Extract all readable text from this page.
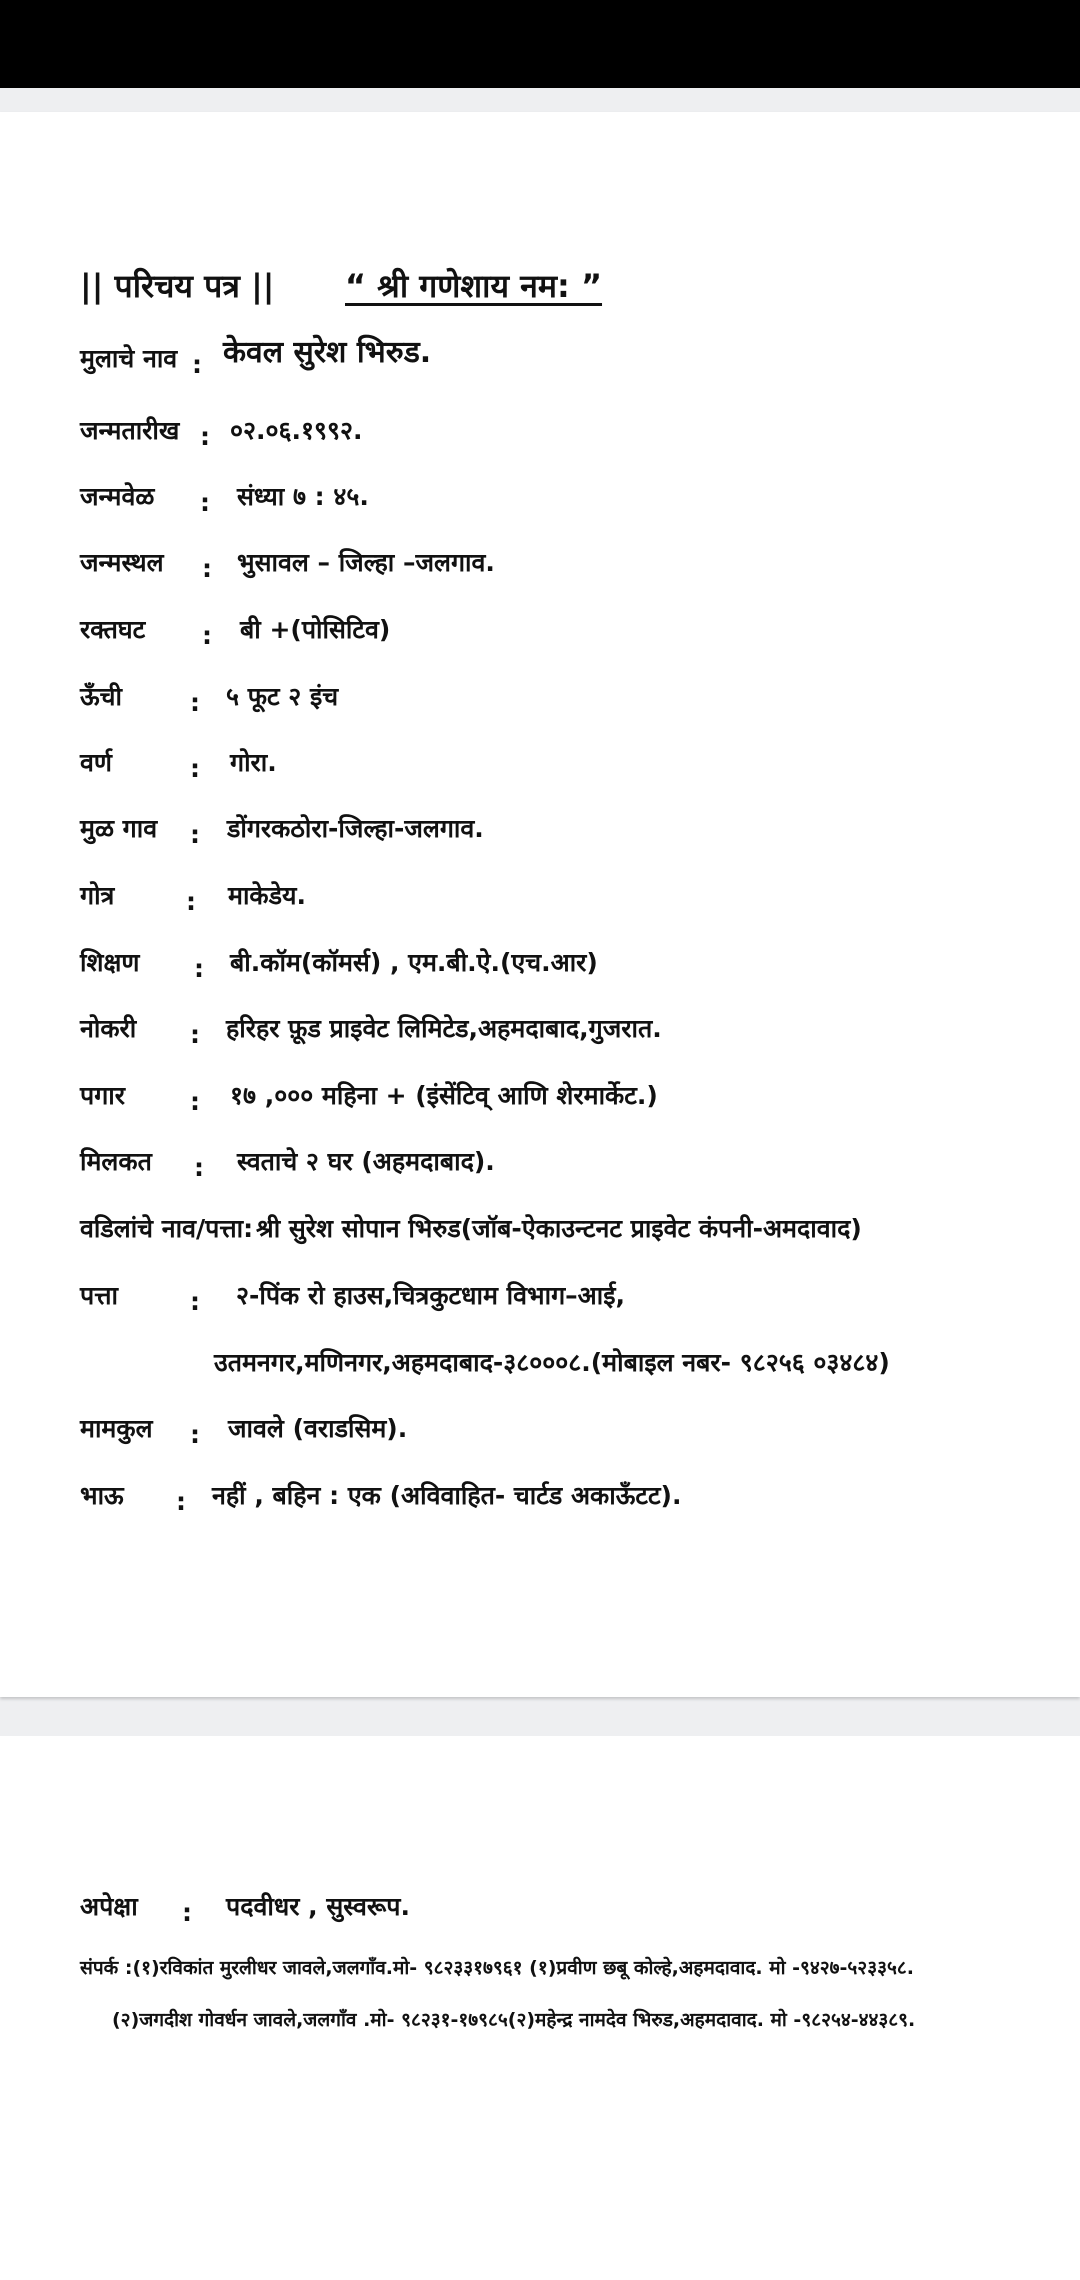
|| परिचय पत्र || “ श्री गणेशाय नम: ”
मुलाचे नाव : केवल सुरेश भिरुड.
जन्मतारीख : ०२.०६.१९९२.
जन्मवेळ : संध्या ७ : ४५.
जन्मस्थल : भुसावल – जिल्हा –जलगाव.
रक्तघट : बी +(पोसिटिव)
ऊँची	: ५ फूट २ इंच
वर्ण	: गोरा.
मुळ गाव : डोंगरकठोरा-जिल्हा-जलगाव.
गोत्र	: माकेडेय.
शिक्षण : बी.कॉम(कॉमर्स) , एम.बी.ऐ.(एच.आर)
नोकरी : हरिहर फ़ूड प्राइवेट लिमिटेड,अहमदाबाद,गुजरात.
पगार	: १७ ,००० महिना + (इंसेंटिव् आणि शेरमार्केट.)
मिलकत : स्वताचे २ घर (अहमदाबाद).
वडिलांचे नाव/पत्ता: श्री सुरेश सोपान भिरुड(जॉब-ऐकाउन्टनट प्राइवेट कंपनी-अमदावाद)
पत्ता	: २-पिंक रो हाउस,चित्रकुटधाम विभाग–आई,
उतमनगर,मणिनगर,अहमदाबाद-३८०००८.(मोबाइल नबर- ९८२५६ ०३४८४)
मामकुल : जावले (वराडसिम).
भाऊ : नहीं , बहिन : एक (अविवाहित- चार्टड अकाऊँटट).
अपेक्षा : पदवीधर , सुस्वरूप.
संपर्क :(१)रविकांत मुरलीधर जावले,जलगाँव.मो- ९८२३३१७९६१ (१)प्रवीण छबू कोल्हे,अहमदावाद. मो -९४२७-५२३३५८.
(२)जगदीश गोवर्धन जावले,जलगाँव .मो- ९८२३१-१७९८५(२)महेन्द्र नामदेव भिरुड,अहमदावाद. मो -९८२५४-४४३८९.
